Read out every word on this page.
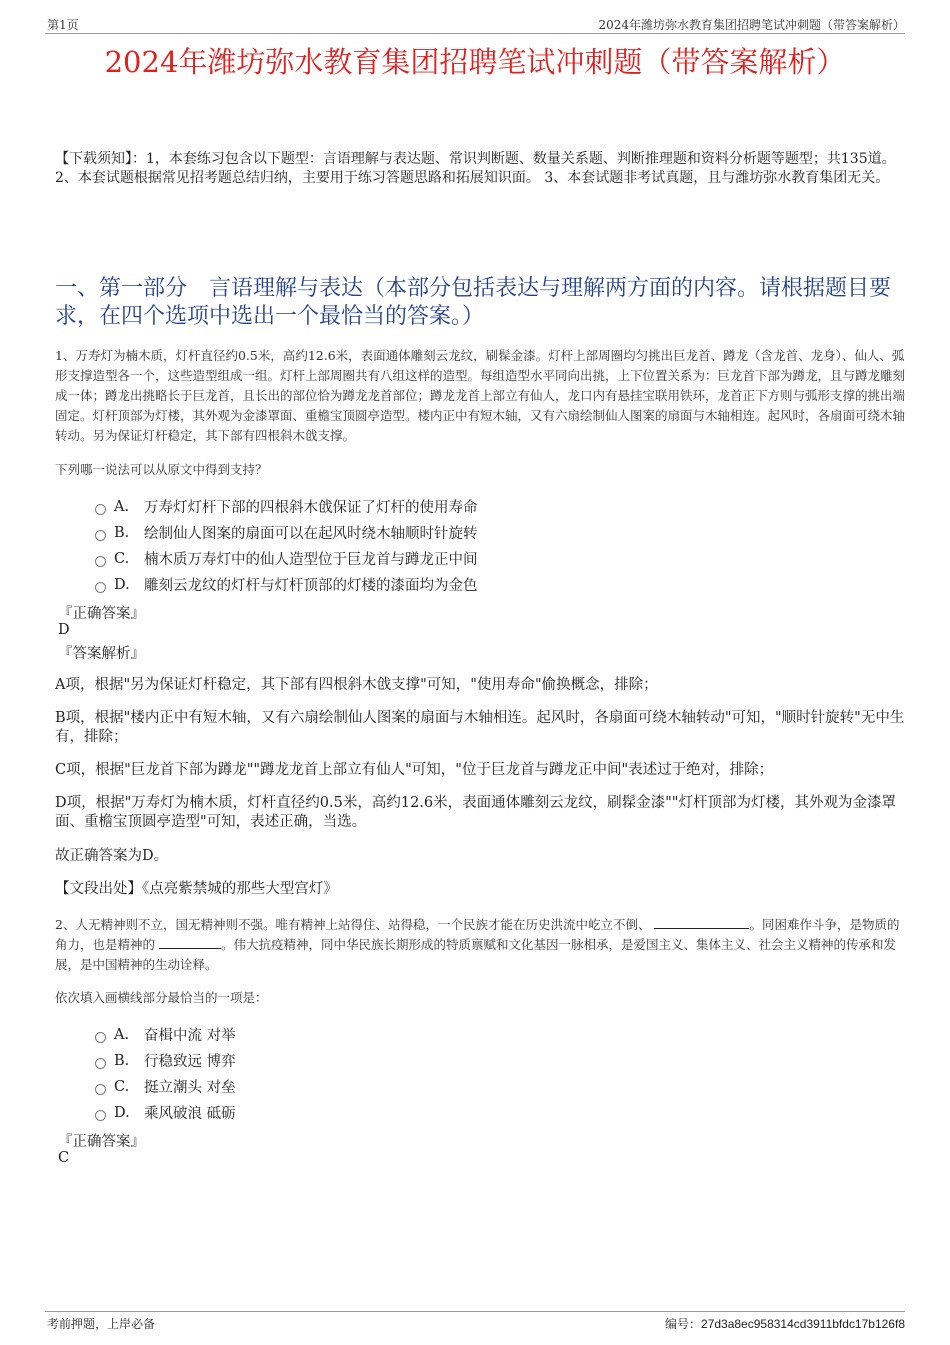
第1页	2024年潍坊弥水教育集团招聘笔试冲刺题（带答案解析）
2024年潍坊弥水教育集团招聘笔试冲刺题（带答案解析）
【下载须知】：1，本套练习包含以下题型：言语理解与表达题、常识判断题、数量关系题、判断推理题和资料分析题等题型；共135道。 2、本套试题根据常见招考题总结归纳，主要用于练习答题思路和拓展知识面。 3、本套试题非考试真题，且与潍坊弥水教育集团无关。
一、第一部分　言语理解与表达（本部分包括表达与理解两方面的内容。请根据题目要求，在四个选项中选出一个最恰当的答案。）
1、万寿灯为楠木质，灯杆直径约0.5米，高约12.6米，表面通体雕刻云龙纹，刷髹金漆。灯杆上部周圈均匀挑出巨龙首、蹲龙（含龙首、龙身）、仙人、弧形支撑造型各一个，这些造型组成一组。灯杆上部周圈共有八组这样的造型。每组造型水平同向出挑，上下位置关系为：巨龙首下部为蹲龙，且与蹲龙雕刻成一体；蹲龙出挑略长于巨龙首，且长出的部位恰为蹲龙龙首部位；蹲龙龙首上部立有仙人，龙口内有悬挂宝联用铁环，龙首正下方则与弧形支撑的挑出端固定。灯杆顶部为灯楼，其外观为金漆罩面、重檐宝顶圆亭造型。楼内正中有短木轴，又有六扇绘制仙人图案的扇面与木轴相连。起风时，各扇面可绕木轴转动。另为保证灯杆稳定，其下部有四根斜木戗支撑。
下列哪一说法可以从原文中得到支持？
A.	万寿灯灯杆下部的四根斜木戗保证了灯杆的使用寿命
B.	绘制仙人图案的扇面可以在起风时绕木轴顺时针旋转
C.	楠木质万寿灯中的仙人造型位于巨龙首与蹲龙正中间
D. 雕刻云龙纹的灯杆与灯杆顶部的灯楼的漆面均为金色
『正确答案』
D
『答案解析』
A项，根据"另为保证灯杆稳定，其下部有四根斜木戗支撑"可知，"使用寿命"偷换概念，排除；
B项，根据"楼内正中有短木轴，又有六扇绘制仙人图案的扇面与木轴相连。起风时，各扇面可绕木轴转动"可知，"顺时针旋转"无中生有，排除；
C项，根据"巨龙首下部为蹲龙""蹲龙龙首上部立有仙人"可知，"位于巨龙首与蹲龙正中间"表述过于绝对，排除；
D项，根据"万寿灯为楠木质，灯杆直径约0.5米，高约12.6米，表面通体雕刻云龙纹，刷髹金漆""灯杆顶部为灯楼，其外观为金漆罩面、重檐宝顶圆亭造型"可知，表述正确，当选。
故正确答案为D。
【文段出处】《点亮紫禁城的那些大型宫灯》
2、人无精神则不立，国无精神则不强。唯有精神上站得住、站得稳，一个民族才能在历史洪流中屹立不倒、	。同困难作斗争，是物质的角力，也是精神的	。伟大抗疫精神，同中华民族长期形成的特质禀赋和文化基因一脉相承，是爱国主义、集体主义、社会主义精神的传承和发展，是中国精神的生动诠释。
依次填入画横线部分最恰当的一项是：
A.	奋楫中流 对举
B.	行稳致远 博弈
C.	挺立潮头 对垒
D. 乘风破浪 砥砺
『正确答案』
C
考前押题，上岸必备	编号：27d3a8ec958314cd3911bfdc17b126f8
